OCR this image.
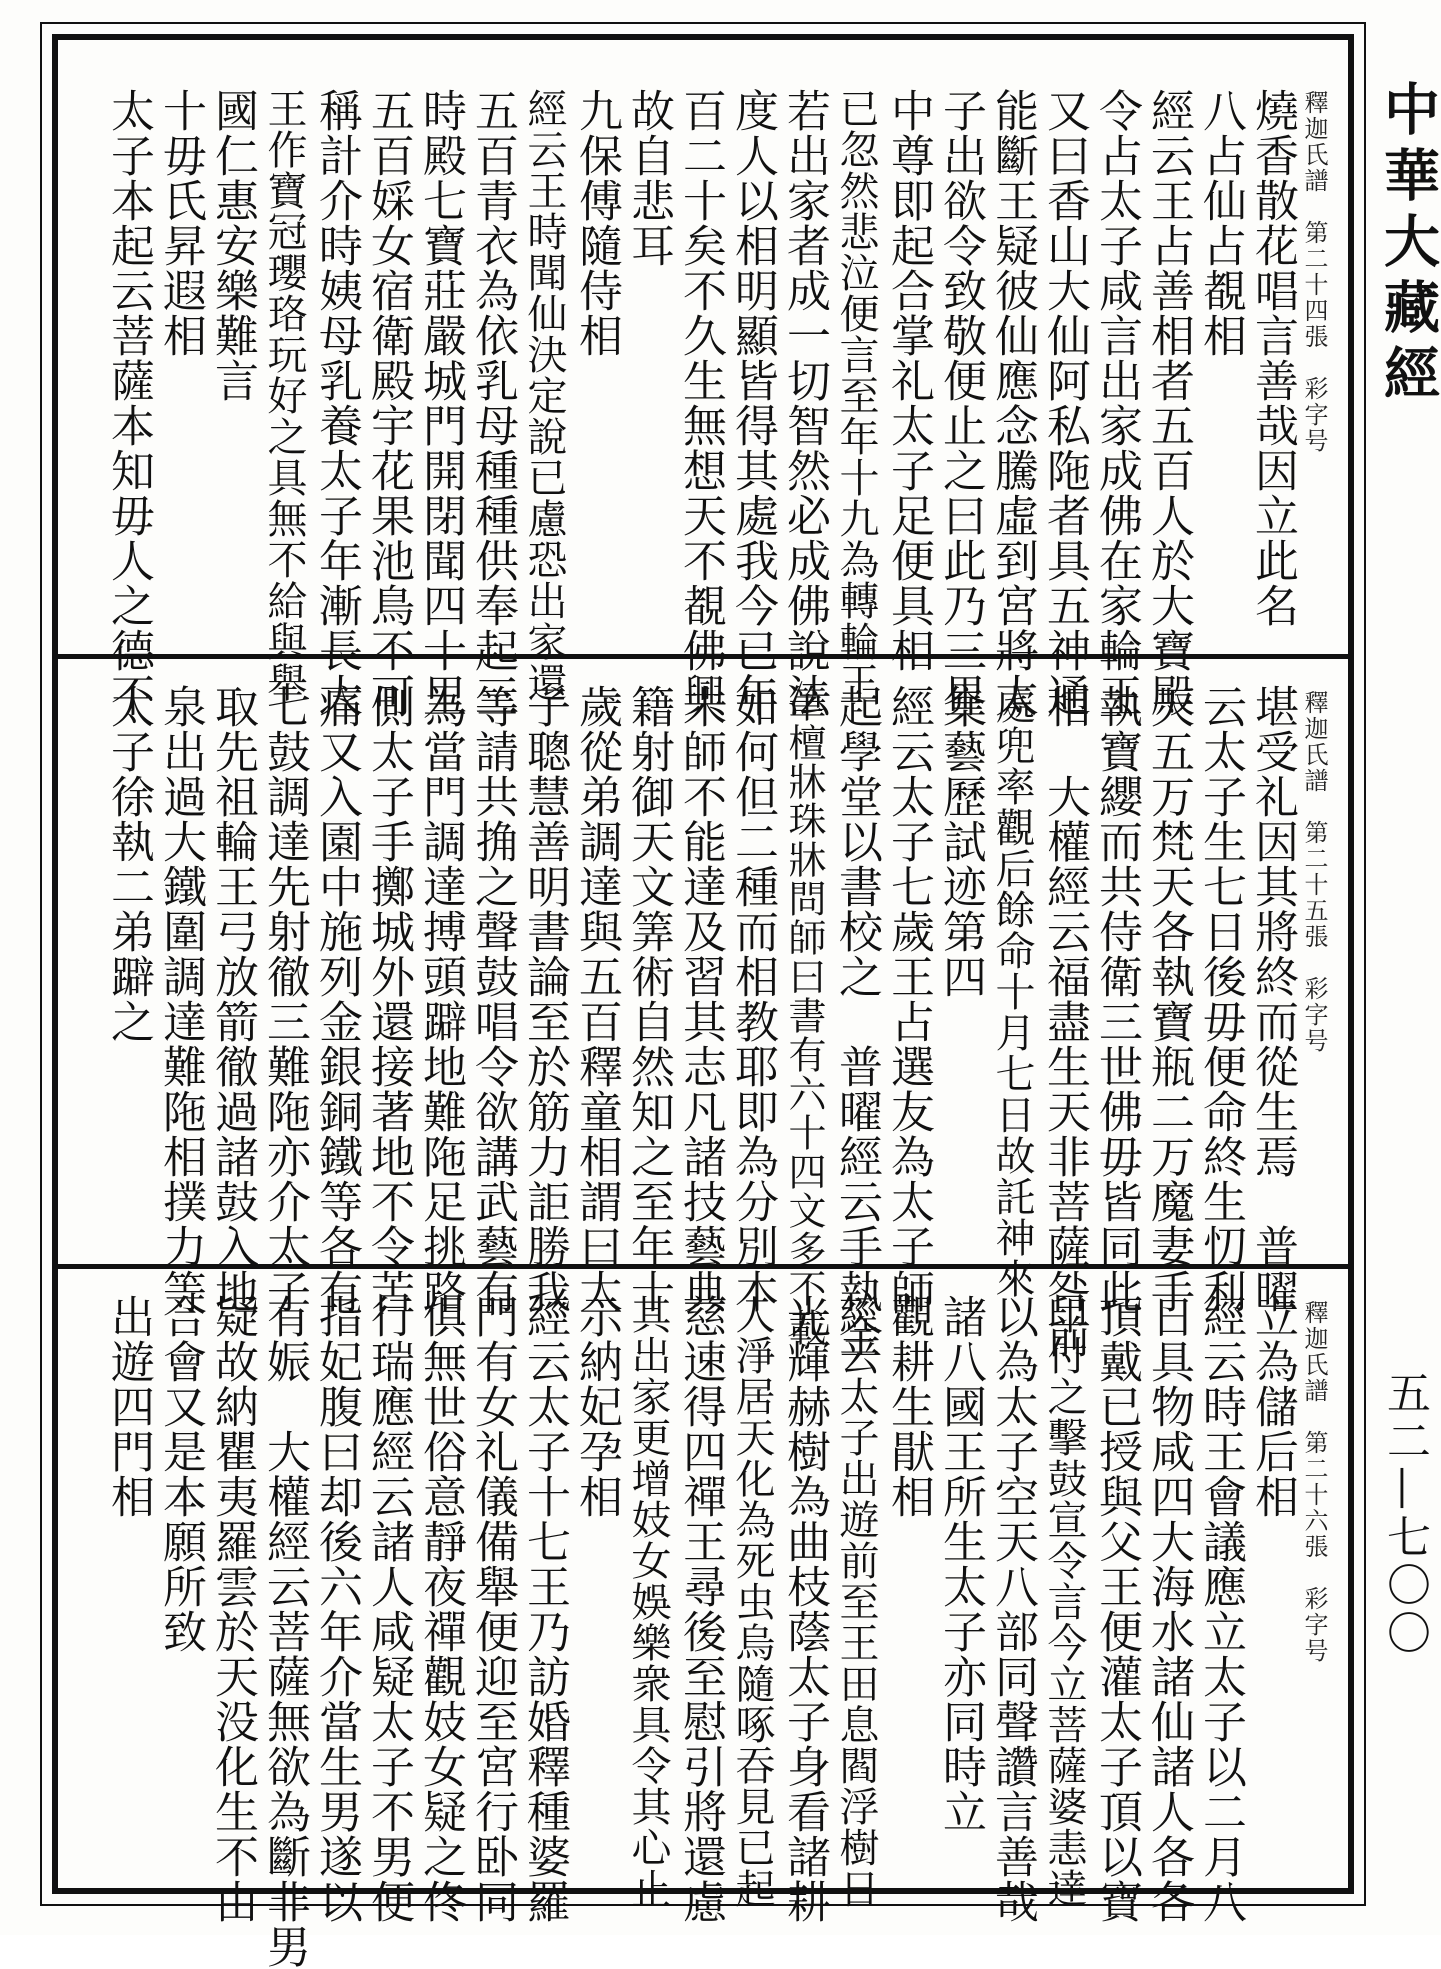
中華大藏經
五二—七〇〇
釋迦氏譜　第二十四張　彩字号
燒香散花唱言善哉因立此名
八占仙占覩相
經云王占善相者五百人於大寶殿
令占太子咸言出家成佛在家輪王
又曰香山大仙阿私陁者具五神通
能斷王疑彼仙應念騰虛到宮將太
子出欲令致敬便止之曰此乃三界
中尊即起合掌礼太子足便具相
已忽然悲泣便言至年十九為轉輪王
若出家者成一切智然必成佛說法
度人以相明顯皆得其處我今已年
百二十矣不久生無想天不覩佛興
故自悲耳
九保傅隨侍相
經云王時聞仙決定說已慮恐出家還
五百青衣為依乳母種種供奉起三
時殿七寶莊嚴城門開閉聞四十里
五百婇女宿衛殿宇花果池鳥不可
稱計介時姨母乳養太子年漸長大
王作寶冠瓔珞玩好之具無不給與舉
國仁惠安樂難言
十毋氏昇遐相
太子本起云菩薩本知毋人之德不
釋迦氏譜　第二十五張　彩字号
堪受礼因其將終而從生焉　普曜
云太子生七日後毋便命終生忉利
天五万梵天各執寶瓶二万魔妻手
執寶纓而共侍衛三世佛毋皆同此
相　大權經云福盡生天非菩薩咎前
處兜率觀后餘命十月七日故託神來
集藝歷試迹第四
經云太子七歲王占選友為太子師
起學堂以書校之　普曜經云手執金
筆檀牀珠牀問師曰書有六十四文多不載
如何但二種而相教耶即為分別本
末師不能達及習其志凡諸技藝典
籍射御天文筭術自然知之至年十
歲從弟調達與五百釋童相謂曰太
子聰慧善明書論至於筋力詎勝我
等請共捔之聲鼓唱令欲講武藝有
為當門調達搏頭躃地難陁足挑路
側太子手擲城外還接著地不令苦
痛又入園中施列金銀銅鐵等各有
七鼓調達先射徹三難陁亦介太子
取先祖輪王弓放箭徹過諸鼓入地
泉出過大鐵圍調達難陁相撲力等
太子徐執二弟躃之
釋迦氏譜　第二十六張　彩字号
立為儲后相
經云時王會議應立太子以二月八
日具物咸四大海水諸仙諸人各各
頂戴已授與父王便灌太子頂以寶
印付之擊鼓宣令言今立菩薩婆恚達
以為太子空天八部同聲讚言善哉
諸八國王所生太子亦同時立
觀耕生猒相
經云太子出遊前至王田息閻浮樹日
光輝赫樹為曲枝蔭太子身看諸耕
人淨居天化為死虫烏隨啄吞見已起
慈速得四禪王尋後至慰引將還慮
其出家更增妓女娛樂衆具令其心止
示納妃孕相
經云太子十七王乃訪婚釋種婆羅
門有女礼儀備舉便迎至宮行卧同
俱無世俗意靜夜禪觀妓女疑之佟
行瑞應經云諸人咸疑太子不男便
指妃腹曰却後六年介當生男遂以
有娠　大權經云菩薩無欲為斷非男
疑故納瞿夷羅雲於天没化生不由
合會又是本願所致
出遊四門相
